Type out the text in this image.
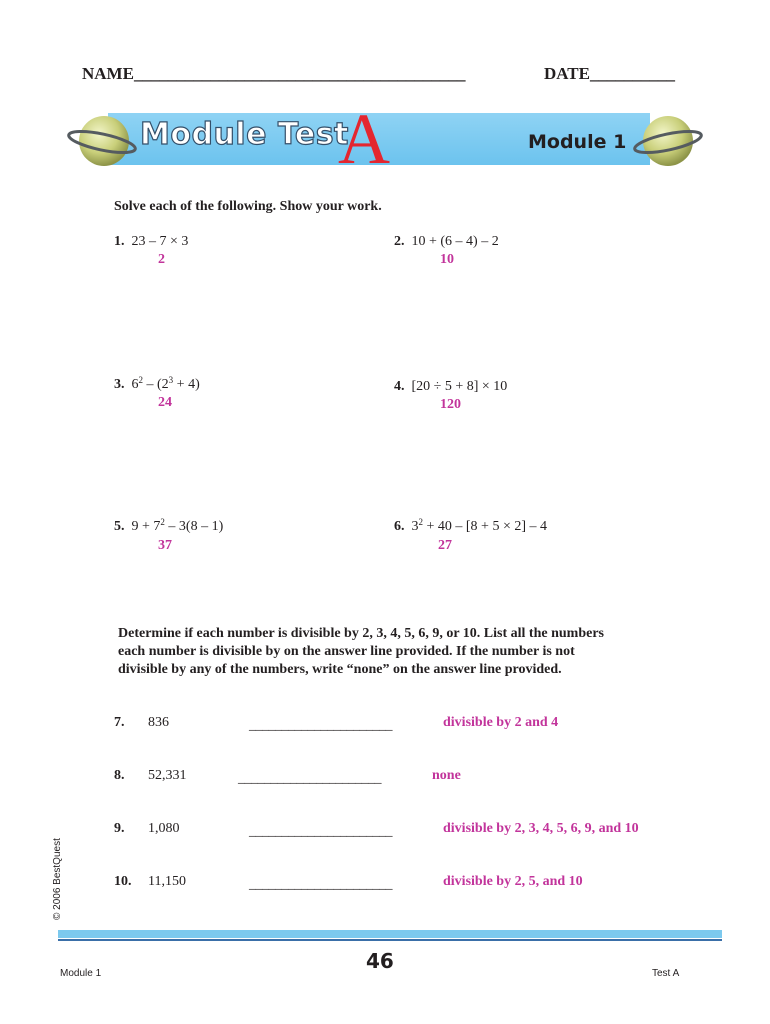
NAME_______________________________________	DATE__________
Module Test
A	Module 1
Solve each of the following. Show your work.
1.  23 – 7 × 3
2
2.  10 + (6 – 4) – 2
10
3.  $6^2 - (2^3 + 4)$
24
4.  [20 ÷ 5 + 8] × 10
120
5.  $9 + 7^2 - 3(8 - 1)$
37
6.  $3^2 + 40 - [8 + 5 \times 2] - 4$
27
Determine if each number is divisible by 2, 3, 4, 5, 6, 9, or 10. List all the numbers
each number is divisible by on the answer line provided. If the number is not
divisible by any of the numbers, write “none” on the answer line provided.
7. 836	______________________	divisible by 2 and 4
8. 52,331	______________________	none
9. 1,080	______________________	divisible by 2, 3, 4, 5, 6, 9, and 10
10. 11,150	______________________	divisible by 2, 5, and 10
© 2006 BestQuest
Module 1
46
Test A
